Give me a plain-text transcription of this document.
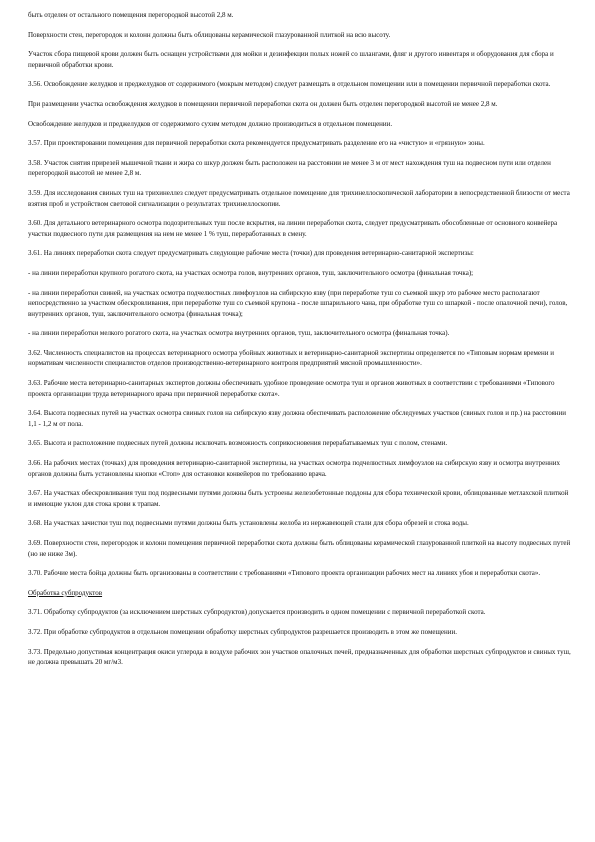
быть отделен от остального помещения перегородкой высотой 2,8 м.

Поверхности стен, перегородок и колонн должны быть облицованы керамической глазурованной плиткой на всю высоту.

Участок сбора пищевой крови должен быть оснащен устройствами для мойки и дезинфекции полых ножей со шлангами, фляг и другого инвентаря и оборудования для сбора и первичной обработки крови.

3.56. Освобождение желудков и преджелудков от содержимого (мокрым методом) следует размещать в отдельном помещении или в помещении первичной переработки скота.

При размещении участка освобождения желудков в помещении первичной переработки скота он должен быть отделен перегородкой высотой не менее 2,8 м.

Освобождение желудков и преджелудков от содержимого сухим методом должно производиться в отдельном помещении.

3.57. При проектировании помещения для первичной переработки скота рекомендуется предусматривать разделение его на «чистую» и «грязную» зоны.

3.58. Участок снятия прирезей мышечной ткани и жира со шкур должен быть расположен на расстоянии не менее 3 м от мест нахождения туш на подвесном пути или отделен перегородкой высотой не менее 2,8 м.

3.59. Для исследования свиных туш на трихинеллез следует предусматривать отдельное помещение для трихинеллоскопической лаборатории в непосредственной близости от места взятия проб и устройством световой сигнализации о результатах трихинеллоскопии.

3.60. Для детального ветеринарного осмотра подозрительных туш после вскрытия, на линии переработки скота, следует предусматривать обособленные от основного конвейера участки подвесного пути для размещения на нем не менее 1 % туш, переработанных в смену.

3.61. На линиях переработки скота следует предусматривать следующие рабочие места (точки) для проведения ветеринарно-санитарной экспертизы:

- на линии переработки крупного рогатого скота, на участках осмотра голов, внутренних органов, туш, заключительного осмотра (финальная точка);

- на линии переработки свиней, на участках осмотра подчелюстных лимфоузлов на сибирскую язву (при переработке туш со съемкой шкур это рабочее место располагают непосредственно за участком обескровливания, при переработке туш со съемкой крупона - после шпарильного чана, при обработке туш со шпаркой - после опалочной печи), голов, внутренних органов, туш, заключительного осмотра (финальная точка);

- на линии переработки мелкого рогатого скота, на участках осмотра внутренних органов, туш, заключительного осмотра (финальная точка).

3.62. Численность специалистов на процессах ветеринарного осмотра убойных животных и ветеринарно-санитарной экспертизы определяется по «Типовым нормам времени и нормативам численности специалистов отделов производственно-ветеринарного контроля предприятий мясной промышленности».

3.63. Рабочие места ветеринарно-санитарных экспертов должны обеспечивать удобное проведение осмотра туш и органов животных в соответствии с требованиями «Типового проекта организации труда ветеринарного врача при первичной переработке скота».

3.64. Высота подвесных путей на участках осмотра свиных голов на сибирскую язву должна обеспечивать расположение обследуемых участков (свиных голов и пр.) на расстоянии 1,1 - 1,2 м от пола.

3.65. Высота и расположение подвесных путей должны исключать возможность соприкосновения перерабатываемых туш с полом, стенами.

3.66. На рабочих местах (точках) для проведения ветеринарно-санитарной экспертизы, на участках осмотра подчелюстных лимфоузлов на сибирскую язву и осмотра внутренних органов должны быть установлены кнопки «Стоп» для остановки конвейеров по требованию врача.

3.67. На участках обескровливания туш под подвесными путями должны быть устроены железобетонные поддоны для сбора технической крови, облицованные метлахской плиткой и имеющие уклон для стока крови к трапам.

3.68. На участках зачистки туш под подвесными путями должны быть установлены желоба из нержавеющей стали для сбора обрезей и стока воды.

3.69. Поверхности стен, перегородок и колонн помещения первичной переработки скота должны быть облицованы керамической глазурованной плиткой на высоту подвесных путей (но не ниже 3м).

3.70. Рабочие места бойца должны быть организованы в соответствии с требованиями «Типового проекта организации рабочих мест на линиях убоя и переработки скота».

Обработка субпродуктов

3.71. Обработку субпродуктов (за исключением шерстных субпродуктов) допускается производить в одном помещении с первичной переработкой скота.

3.72. При обработке субпродуктов в отдельном помещении обработку шерстных субпродуктов разрешается производить в этом же помещении.

3.73. Предельно допустимая концентрация окиси углерода в воздухе рабочих зон участков опалочных печей, предназначенных для обработки шерстных субпродуктов и свиных туш, не должна превышать 20 мг/м3.
